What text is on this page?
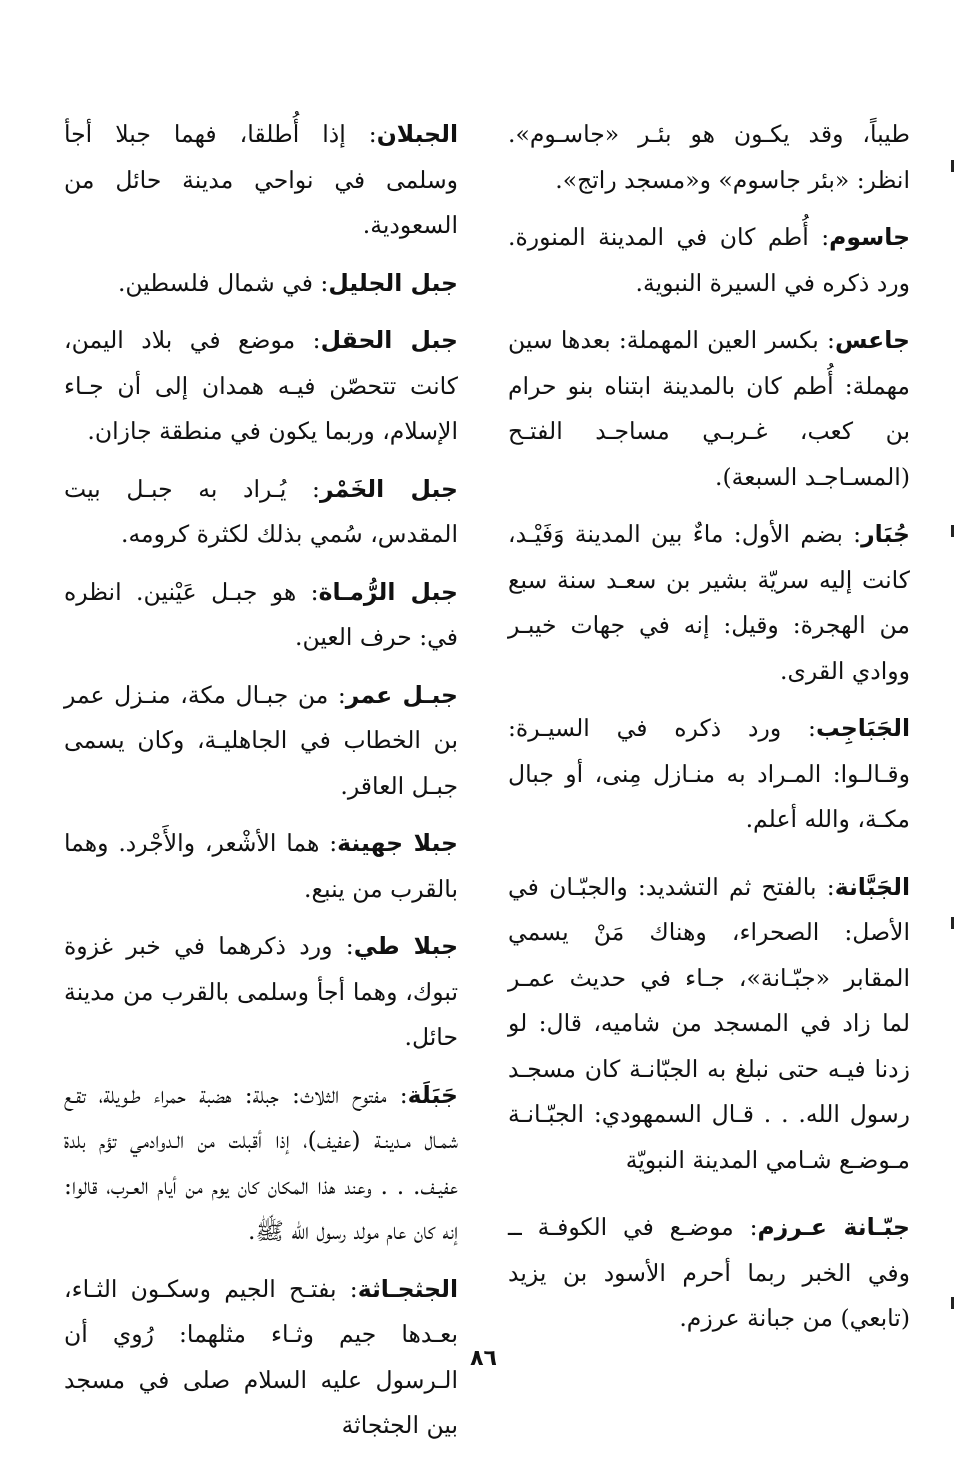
طيباً، وقد يكـون هو بئـر «جاسـوم». انظر: «بئر جاسوم» و«مسجد راتج».

جاسوم: أُطم كان في المدينة المنورة. ورد ذكره في السيرة النبوية.

جاعس: بكسر العين المهملة: بعدها سين مهملة: أُطم كان بالمدينة ابتناه بنو حرام بن كعب، غـربـي مساجـد الفتـح (المسـاجـد السبعة).

جُبَار: بضم الأول: ماءٌ بين المدينة وَفَيْـد، كانت إليه سريّة بشير بن سعـد سنة سبع من الهجرة: وقيل: إنه في جهات خيبـر ووادي القرى.

الجَبَاجِب: ورد ذكره في السيـرة: وقـالـوا: المـراد به منـازل مِنى، أو جبال مكـة، والله أعلم.

الجَبَّانة: بالفتح ثم التشديد: والجبّـان في الأصل: الصحراء، وهناك مَنْ يسمي المقابر «جبّـانة»، جـاء في حديث عمـر لما زاد في المسجد من شاميه، قال: لو زدنا فيـه حتى نبلغ به الجبّانـة كان مسجـد رسول الله. . . قـال السمهودي: الجبّـانـة مـوضـع شـامي المدينة النبويّة

جبّـانة عـرزم: موضـع في الكوفـة ــ وفي الخبر ربما أحرم الأسود بن يزيد (تابعي) من جبانة عرزم.

الجبلان: إذا أُطلقا، فهما جبلا أجأ وسلمى في نواحي مدينة حائل من السعودية.

جبل الجليل: في شمال فلسطين.

جبل الحقل: موضع في بلاد اليمن، كانت تتحصّن فيـه همدان إلى أن جـاء الإسلام، وربما يكون في منطقة جازان.

جبل الخَمْر: يُـراد به جبـل بيت المقدس، سُمي بذلك لكثرة كرومه.

جبل الرُّمـاة: هو جبـل عَيْنين. انظره في: حرف العين.

جبـل عمر: من جبـال مكة، منـزل عمر بن الخطاب في الجاهليـة، وكان يسمى جبـل العاقر.

جبلا جهينة: هما الأشْعر، والأَجْرد. وهما بالقرب من ينبع.

جبلا طي: ورد ذكرهما في خبر غزوة تبوك، وهما أجأ وسلمى بالقرب من مدينة حائل.

جَبَلَة: مفتوح الثلاث: جبلة: هضبة حمراء طـويلة، تقـع شمـال مـدينـة (عفيف)، إذا أقبلت من الـدوادمي تؤم بلدة عفيـف. . . وعند هذا المكان كان يوم من أيام العـرب، قالوا: إنه كان عام مولد رسول الله ﷺ.

الجثجـاثة: بفتـح الجيم وسكـون الثـاء، بعـدها جيم وثـاء مثلهما: رُوي أن الـرسول عليه السلام صلى في مسجد بين الجثجاثة

٨٦
